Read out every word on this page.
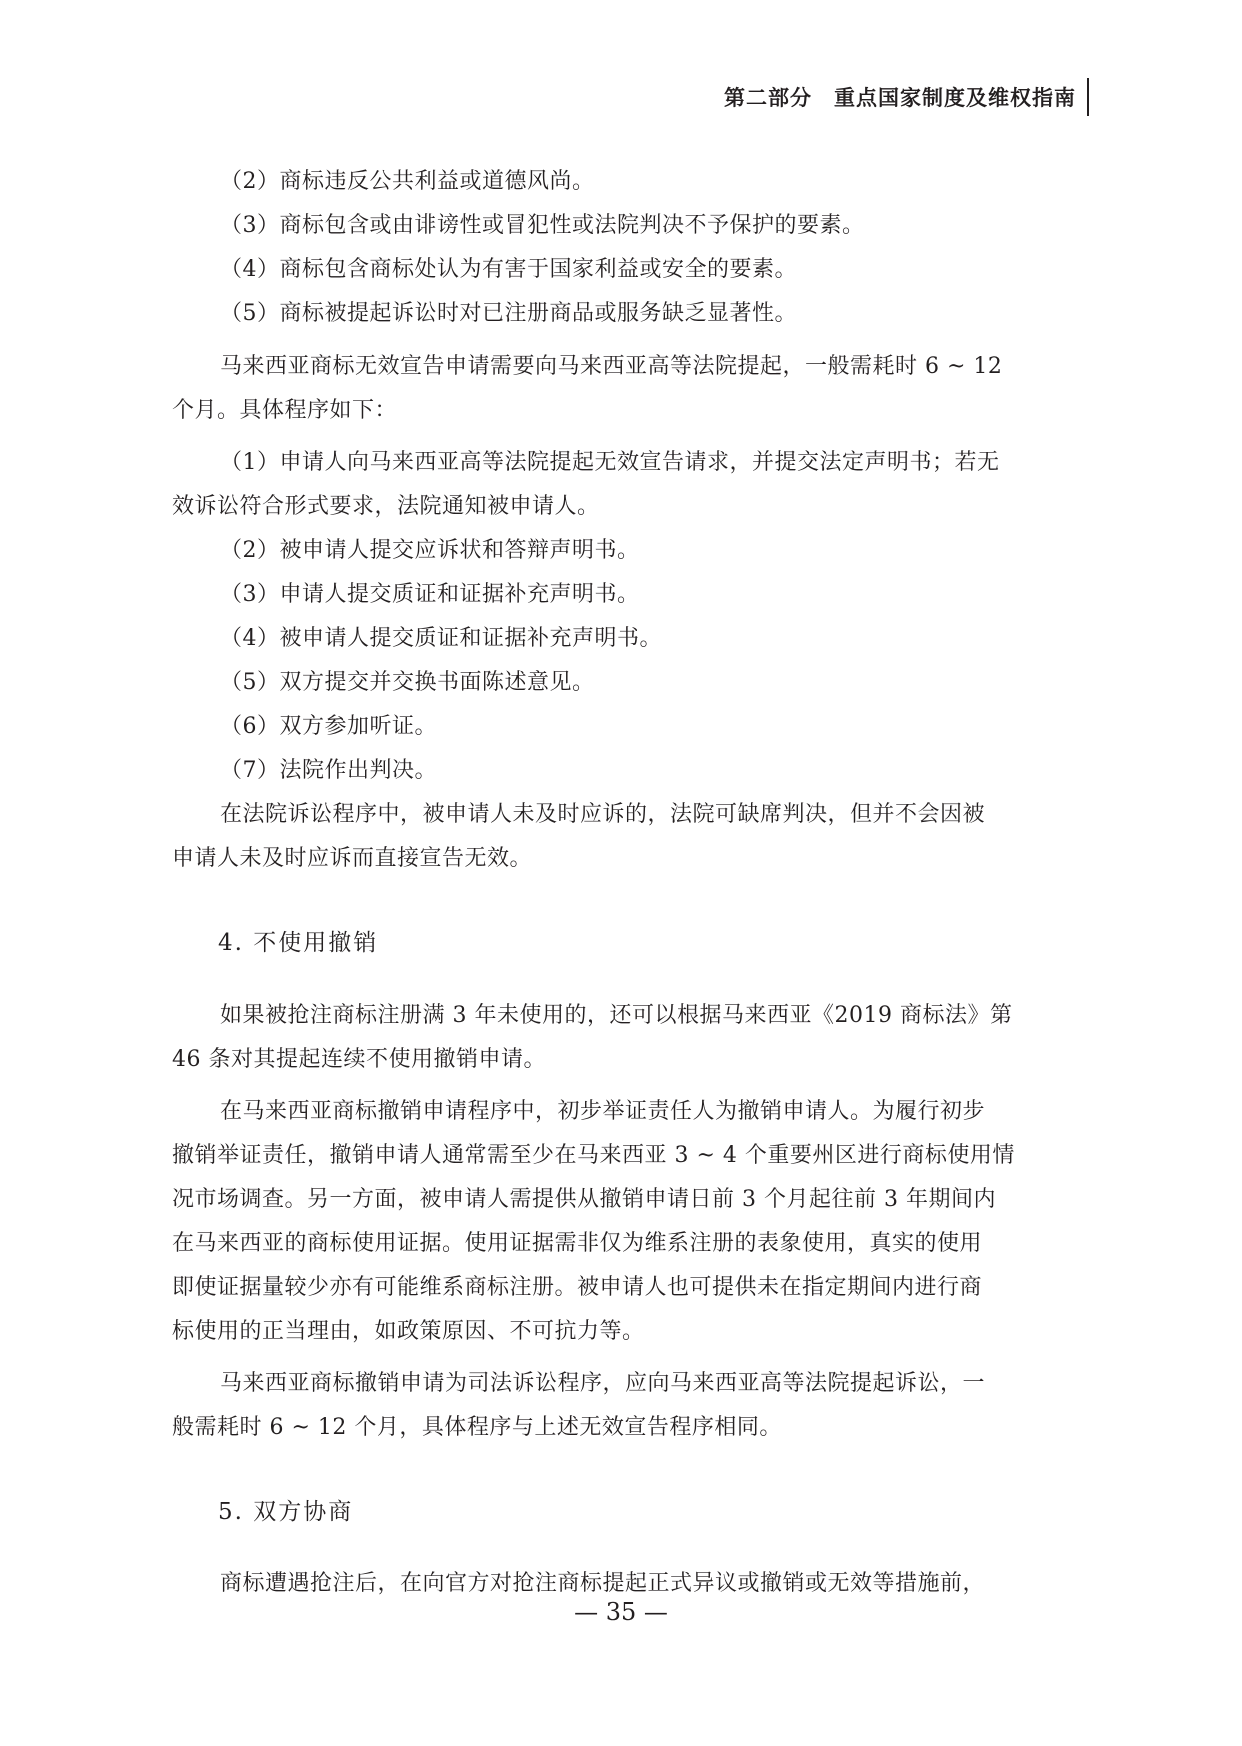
第二部分 重点国家制度及维权指南
（2）商标违反公共利益或道德风尚。
（3）商标包含或由诽谤性或冒犯性或法院判决不予保护的要素。
（4）商标包含商标处认为有害于国家利益或安全的要素。
（5）商标被提起诉讼时对已注册商品或服务缺乏显著性。
马来西亚商标无效宣告申请需要向马来西亚高等法院提起，一般需耗时 6 ~ 12
个月。具体程序如下：
（1）申请人向马来西亚高等法院提起无效宣告请求，并提交法定声明书；若无
效诉讼符合形式要求，法院通知被申请人。
（2）被申请人提交应诉状和答辩声明书。
（3）申请人提交质证和证据补充声明书。
（4）被申请人提交质证和证据补充声明书。
（5）双方提交并交换书面陈述意见。
（6）双方参加听证。
（7）法院作出判决。
在法院诉讼程序中，被申请人未及时应诉的，法院可缺席判决，但并不会因被
申请人未及时应诉而直接宣告无效。
4. 不使用撤销
如果被抢注商标注册满 3 年未使用的，还可以根据马来西亚《2019 商标法》第
46 条对其提起连续不使用撤销申请。
在马来西亚商标撤销申请程序中，初步举证责任人为撤销申请人。为履行初步
撤销举证责任，撤销申请人通常需至少在马来西亚 3 ~ 4 个重要州区进行商标使用情
况市场调查。另一方面，被申请人需提供从撤销申请日前 3 个月起往前 3 年期间内
在马来西亚的商标使用证据。使用证据需非仅为维系注册的表象使用，真实的使用
即使证据量较少亦有可能维系商标注册。被申请人也可提供未在指定期间内进行商
标使用的正当理由，如政策原因、不可抗力等。
马来西亚商标撤销申请为司法诉讼程序，应向马来西亚高等法院提起诉讼，一
般需耗时 6 ~ 12 个月，具体程序与上述无效宣告程序相同。
5. 双方协商
商标遭遇抢注后，在向官方对抢注商标提起正式异议或撤销或无效等措施前，
— 35 —
